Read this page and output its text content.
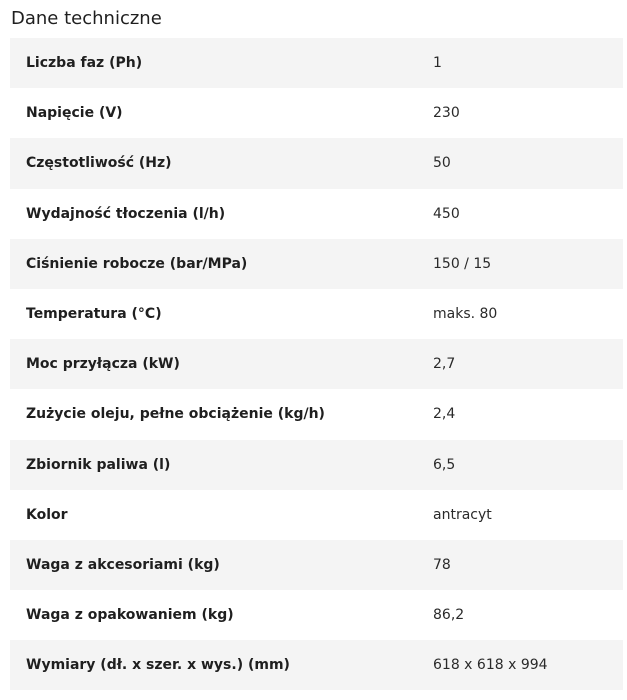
Dane techniczne
Liczba faz (Ph)	1
Napięcie (V)	230
Częstotliwość (Hz)	50
Wydajność tłoczenia (l/h)	450
Ciśnienie robocze (bar/MPa)	150 / 15
Temperatura (°C)	maks. 80
Moc przyłącza (kW)	2,7
Zużycie oleju, pełne obciążenie (kg/h)	2,4
Zbiornik paliwa (l)	6,5
Kolor	antracyt
Waga z akcesoriami (kg)	78
Waga z opakowaniem (kg)	86,2
Wymiary (dł. x szer. x wys.) (mm)	618 x 618 x 994
